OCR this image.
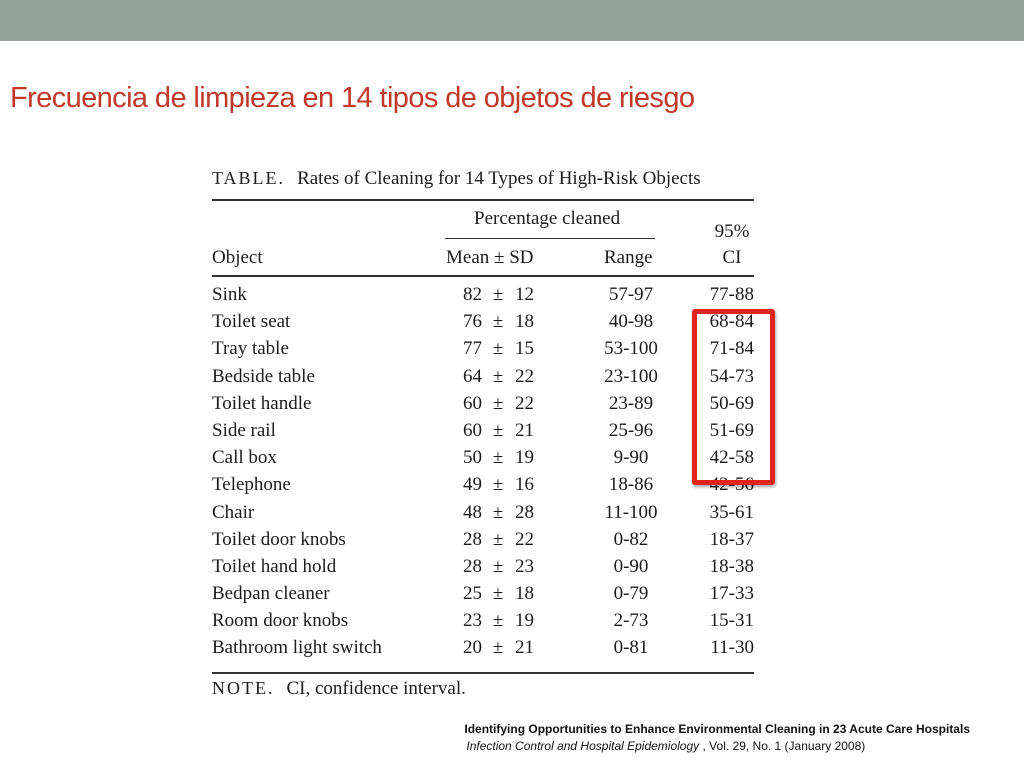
Frecuencia de limpieza en 14 tipos de objetos de riesgo
TABLE. Rates of Cleaning for 14 Types of High-Risk Objects
Percentage cleaned
95%
Object	Mean ± SD	Range	CI
Sink	82 ± 12	57-97	77-88
Toilet seat	76 ± 18	40-98	68-84
Tray table	77 ± 15	53-100	71-84
Bedside table	64 ± 22	23-100	54-73
Toilet handle	60 ± 22	23-89	50-69
Side rail	60 ± 21	25-96	51-69
Call box	50 ± 19	9-90	42-58
Telephone	49 ± 16	18-86	42-56
Chair	48 ± 28	11-100	35-61
Toilet door knobs	28 ± 22	0-82	18-37
Toilet hand hold	28 ± 23	0-90	18-38
Bedpan cleaner	25 ± 18	0-79	17-33
Room door knobs	23 ± 19	2-73	15-31
Bathroom light switch	20 ± 21	0-81	11-30
NOTE. CI, confidence interval.
Identifying Opportunities to Enhance Environmental Cleaning in 23 Acute Care Hospitals
Infection Control and Hospital Epidemiology , Vol. 29, No. 1 (January 2008)
